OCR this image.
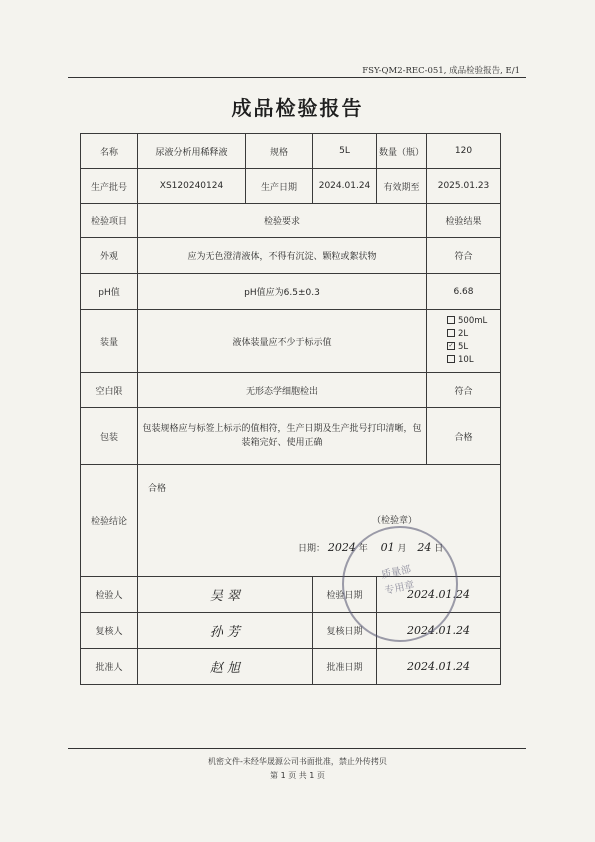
FSY-QM2-REC-051, 成品检验报告, E/1
成品检验报告
名称	尿液分析用稀释液	规格	5L	数量（瓶）	120
生产批号	XS120240124	生产日期	2024.01.24	有效期至	2025.01.23
检验项目	检验要求				检验结果
外观	应为无色澄清液体，不得有沉淀、颗粒或絮状物				符合
pH值	pH值应为6.5±0.3				6.68
装量	液体装量应不少于标示值				500mL
2L
✓ 5L
10L

空白限	无形态学细胞检出				符合
包装	包装规格应与标签上标示的值相符，生产日期及生产批号打印清晰，包装箱完好、使用正确				合格
检验结论	合格
（检验章）
日期： 2024 年 01 月 24 日				

检验人	吴 翠		检验日期	2024.01.24	
复核人	孙 芳		复核日期	2024.01.24	
批准人	赵 旭		批准日期	2024.01.24	
质量部
专用章
机密文件-未经华晟源公司书面批准，禁止外传拷贝
第 1 页 共 1 页
